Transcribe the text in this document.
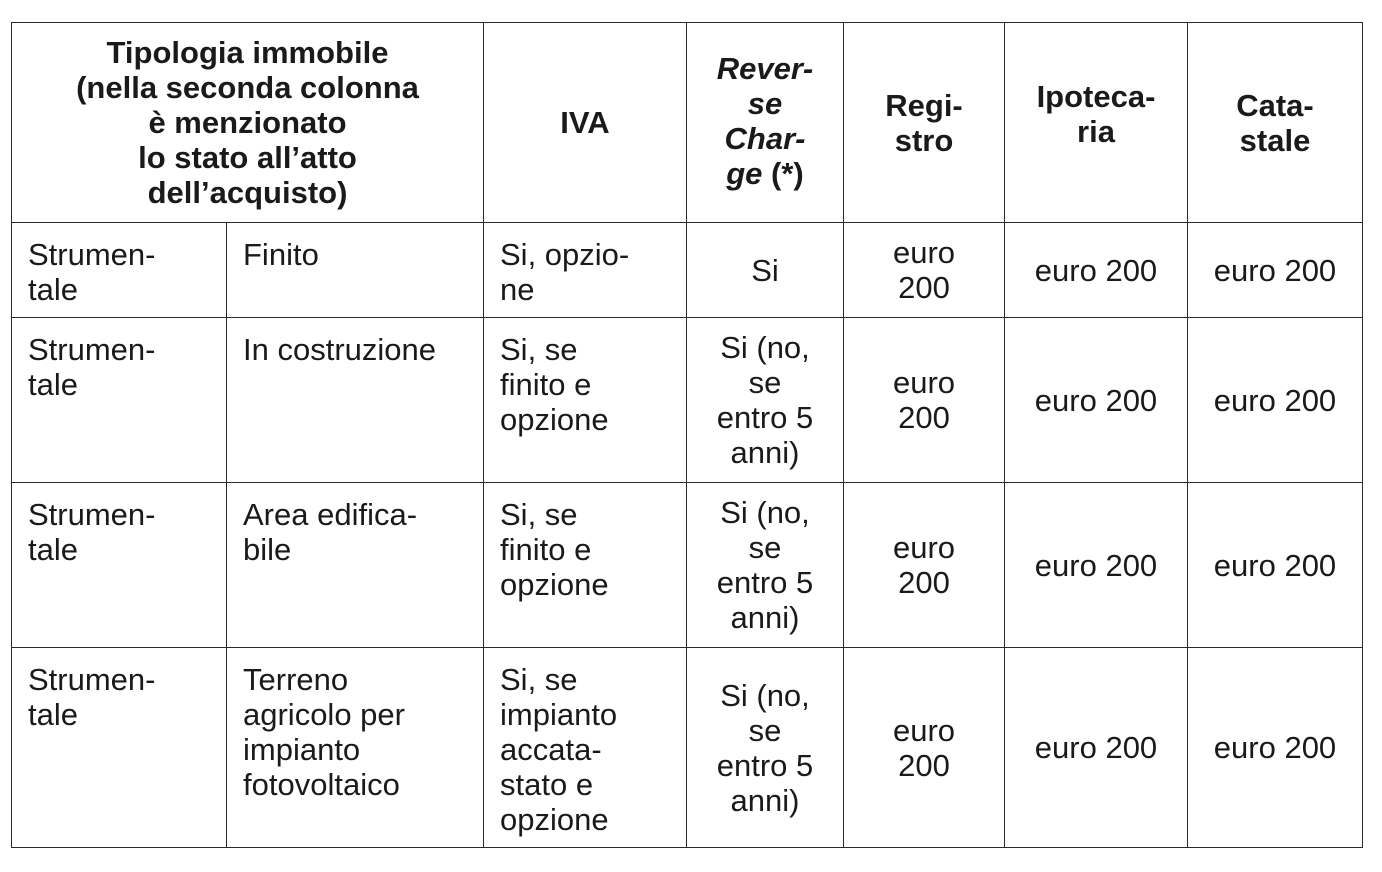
Tipologia immobile
(nella seconda colonna
è menzionato
lo stato all’atto
dell’acquisto)		IVA	Rever-
se
Char-
ge (*)	Regi-
stro	Ipoteca-
ria	Cata-
stale

Strumen-
tale	Finito	Si, opzio-
ne	Si	euro
200	euro 200	euro 200

Strumen-
tale	In costruzione	Si, se
finito e
opzione	Si (no,
se
entro 5
anni)	euro
200	euro 200	euro 200

Strumen-
tale	Area edifica-
bile	Si, se
finito e
opzione	Si (no,
se
entro 5
anni)	euro
200	euro 200	euro 200

Strumen-
tale	Terreno
agricolo per
impianto
fotovoltaico	Si, se
impianto
accata-
stato e
opzione	Si (no,
se
entro 5
anni)	euro
200	euro 200	euro 200
